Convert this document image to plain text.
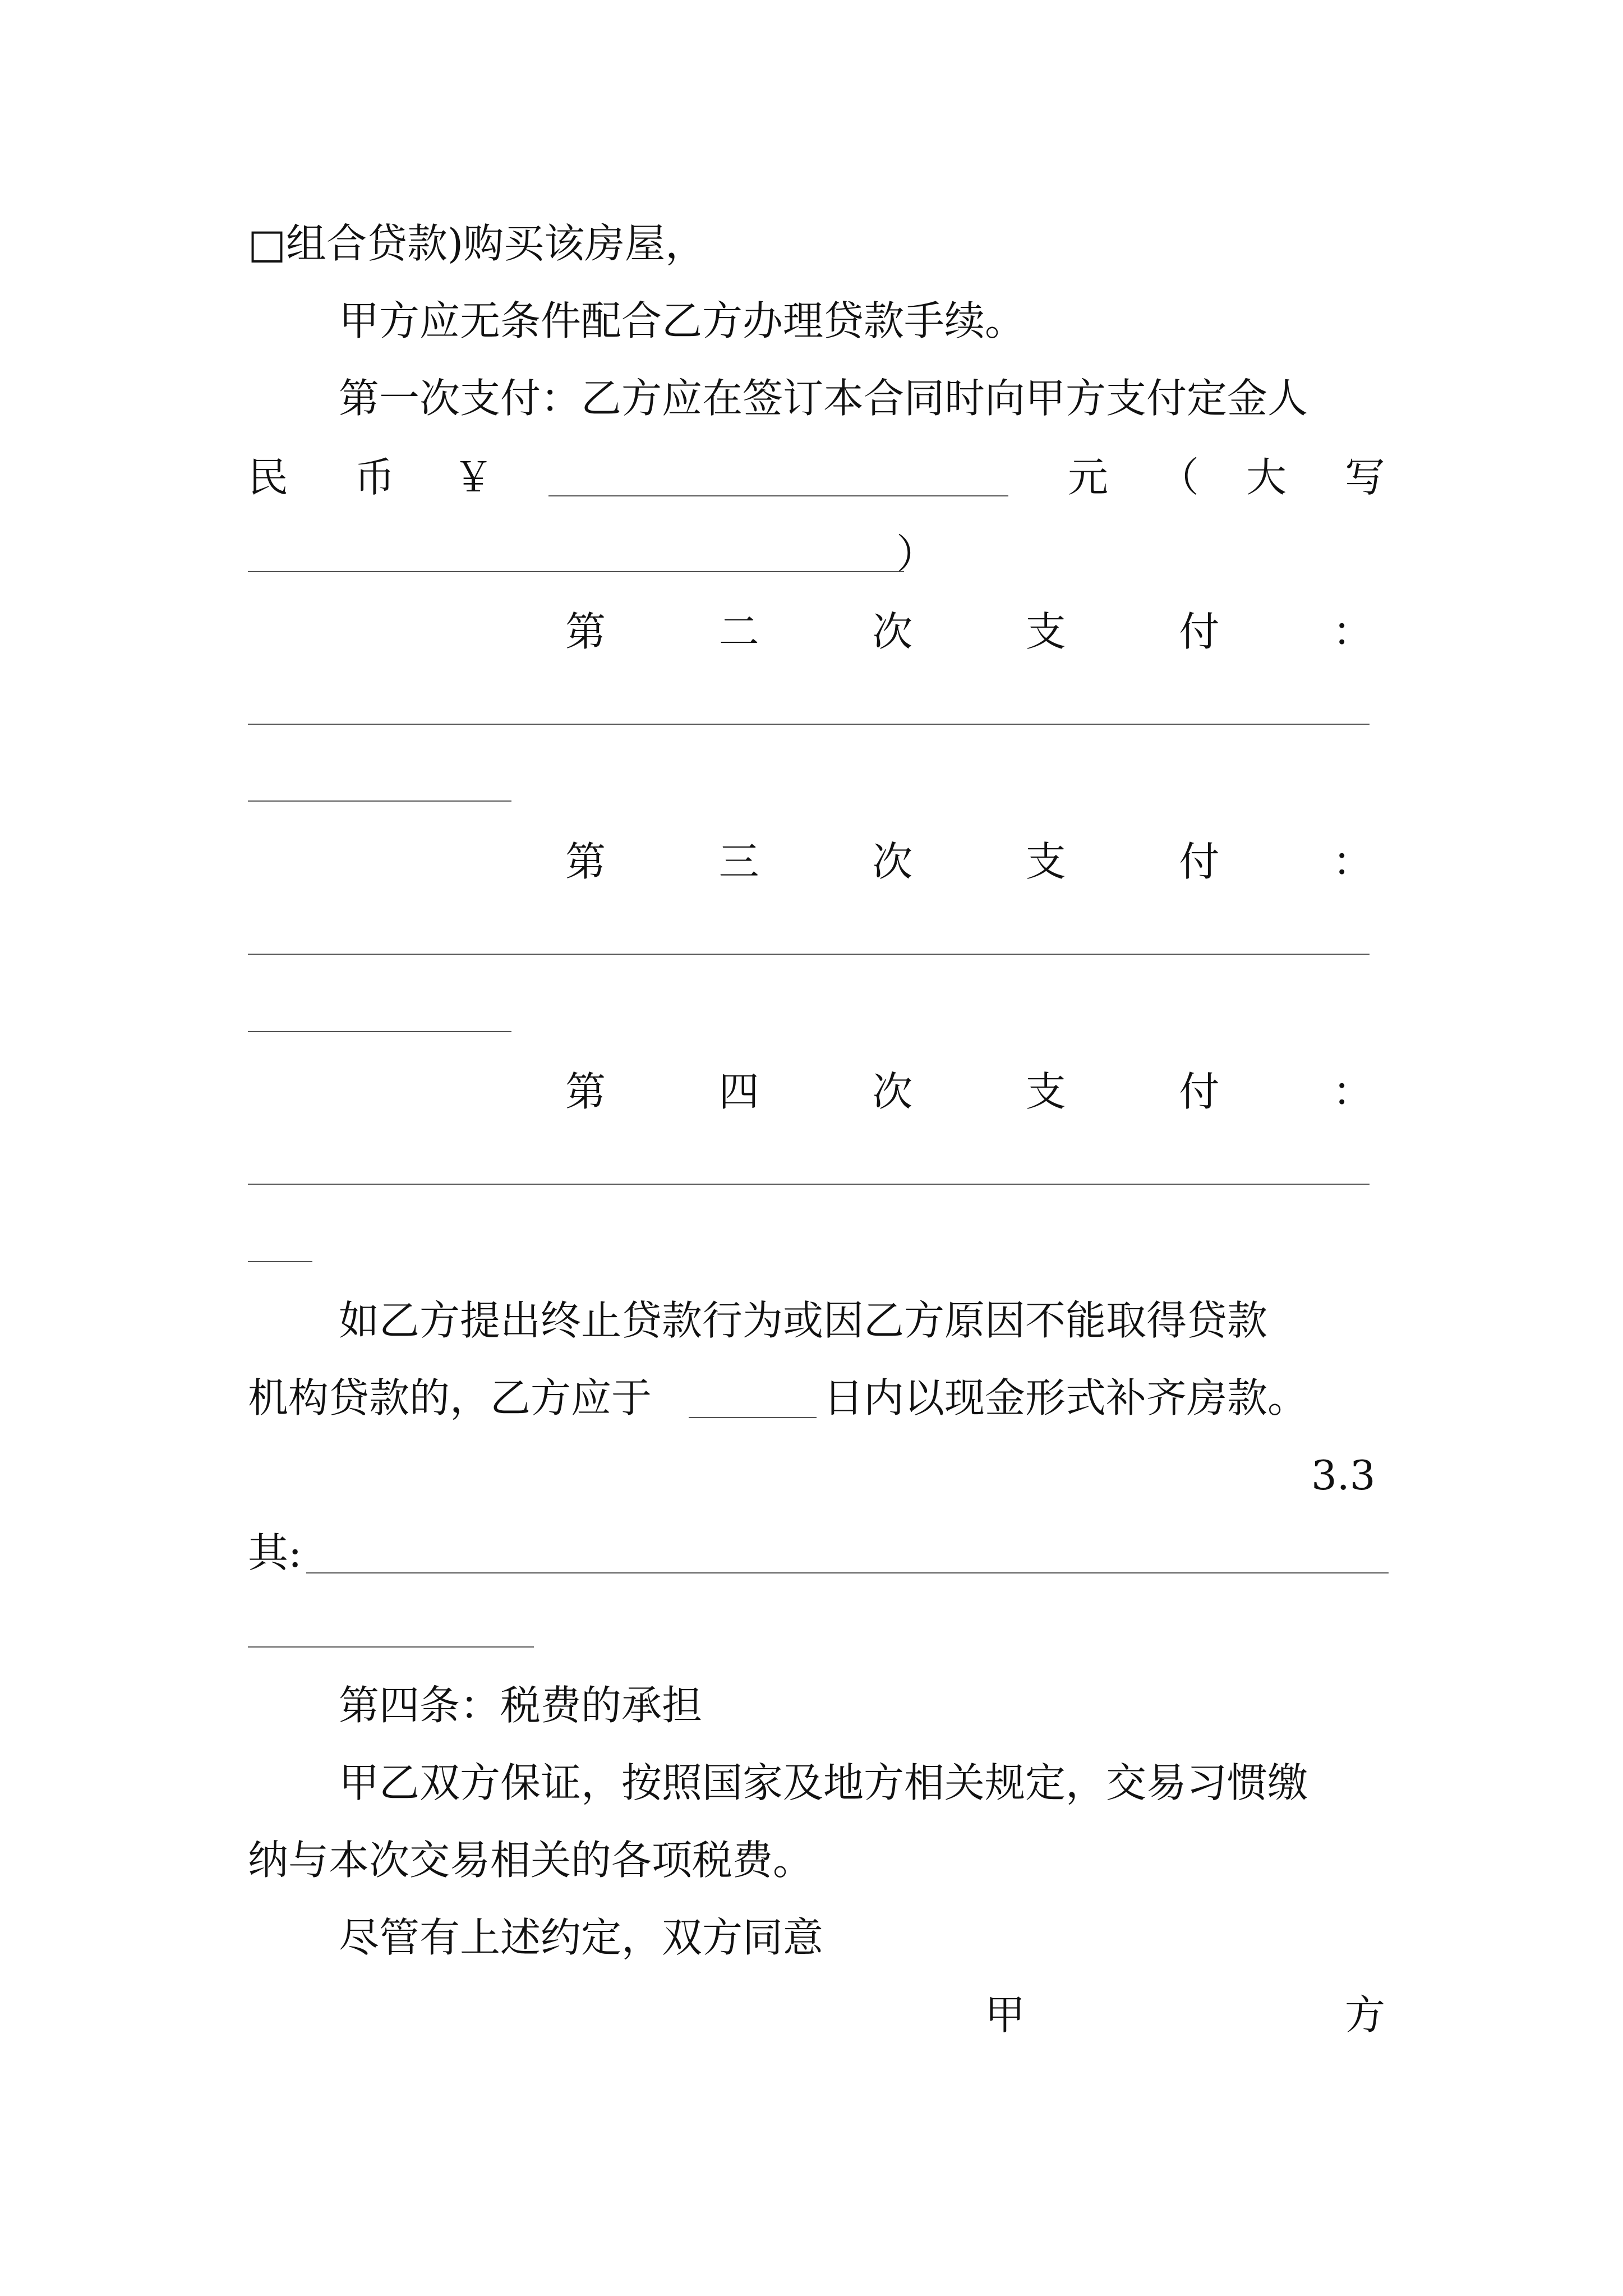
□组合贷款)购买该房屋，
甲方应无条件配合乙方办理贷款手续。
第一次支付：乙方应在签订本合同时向甲方支付定金人
民 币 ￥	元 （ 大 写
）
第	二	次	支	付	：
第	三	次	支	付	：
第	四	次	支	付	：
如乙方提出终止贷款行为或因乙方原因不能取得贷款
机构贷款的，乙方应于	日内以现金形式补齐房款。
3.3
其:
第四条：税费的承担
甲乙双方保证，按照国家及地方相关规定，交易习惯缴
纳与本次交易相关的各项税费。
尽管有上述约定，双方同意
甲	方
